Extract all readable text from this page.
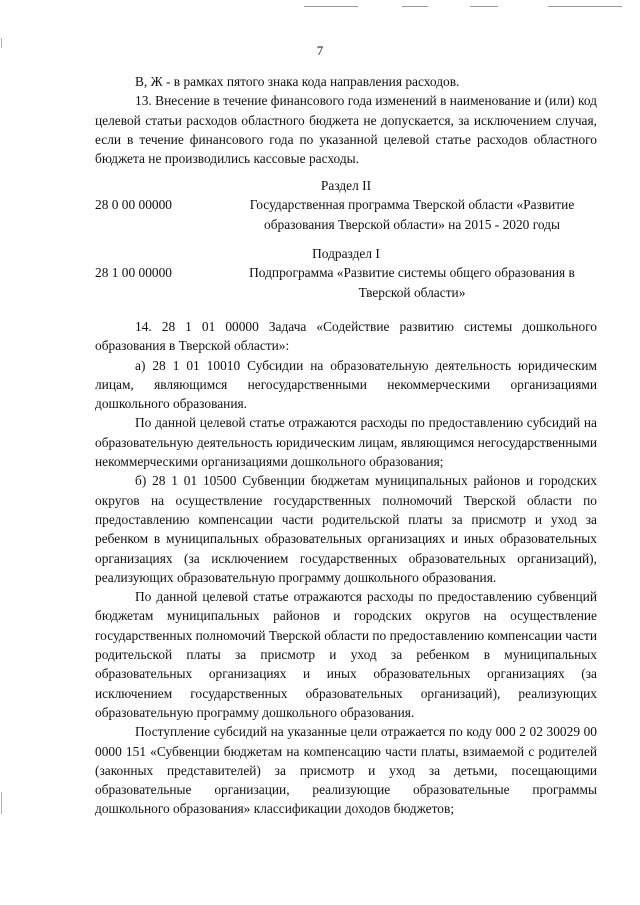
7

В, Ж - в рамках пятого знака кода направления расходов.

13. Внесение в течение финансового года изменений в наименование и (или) код целевой статьи расходов областного бюджета не допускается, за исключением случая, если в течение финансового года по указанной целевой статье расходов областного бюджета не производились кассовые расходы.

Раздел II

28 0 00 00000	Государственная программа Тверской области «Развитие образования Тверской области» на 2015 - 2020 годы

Подраздел I

28 1 00 00000	Подпрограмма «Развитие системы общего образования в Тверской области»

14. 28 1 01 00000 Задача «Содействие развитию системы дошкольного образования в Тверской области»:

а) 28 1 01 10010 Субсидии на образовательную деятельность юридическим лицам, являющимся негосударственными некоммерческими организациями дошкольного образования.

По данной целевой статье отражаются расходы по предоставлению субсидий на образовательную деятельность юридическим лицам, являющимся негосударственными некоммерческими организациями дошкольного образования;

б) 28 1 01 10500 Субвенции бюджетам муниципальных районов и городских округов на осуществление государственных полномочий Тверской области по предоставлению компенсации части родительской платы за присмотр и уход за ребенком в муниципальных образовательных организациях и иных образовательных организациях (за исключением государственных образовательных организаций), реализующих образовательную программу дошкольного образования.

По данной целевой статье отражаются расходы по предоставлению субвенций бюджетам муниципальных районов и городских округов на осуществление государственных полномочий Тверской области по предоставлению компенсации части родительской платы за присмотр и уход за ребенком в муниципальных образовательных организациях и иных образовательных организациях (за исключением государственных образовательных организаций), реализующих образовательную программу дошкольного образования.

Поступление субсидий на указанные цели отражается по коду 000 2 02 30029 00 0000 151 «Субвенции бюджетам на компенсацию части платы, взимаемой с родителей (законных представителей) за присмотр и уход за детьми, посещающими образовательные организации, реализующие образовательные программы дошкольного образования» классификации доходов бюджетов;
